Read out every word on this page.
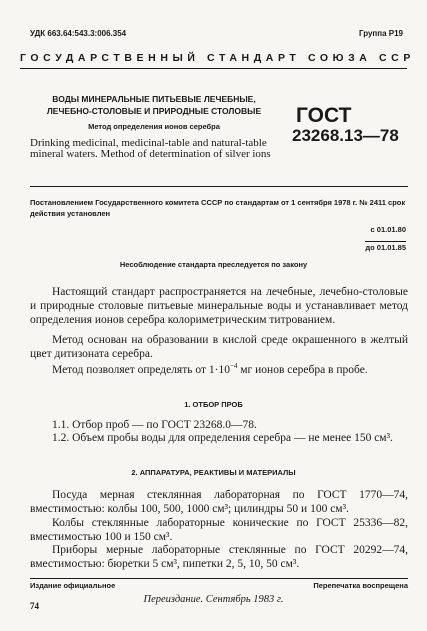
УДК 663.64:543.3:006.354	Группа Р19
ГОСУДАРСТВЕННЫЙ СТАНДАРТ СОЮЗА ССР
ВОДЫ МИНЕРАЛЬНЫЕ ПИТЬЕВЫЕ ЛЕЧЕБНЫЕ,
ЛЕЧЕБНО-СТОЛОВЫЕ И ПРИРОДНЫЕ СТОЛОВЫЕ
Метод определения ионов серебра
Drinking medicinal, medicinal-table and natural-table mineral waters. Method of determination of silver ions
ГОСТ
23268.13—78
Постановлением Государственного комитета СССР по стандартам от 1 сентября 1978 г. № 2411 срок действия установлен
с 01.01.80
до 01.01.85
Несоблюдение стандарта преследуется по закону
Настоящий стандарт распространяется на лечебные, лечебно-столовые и природные столовые питьевые минеральные воды и устанавливает метод определения ионов серебра колориметрическим титрованием.
Метод основан на образовании в кислой среде окрашенного в желтый цвет дитизоната серебра.
Метод позволяет определять от $1\cdot 10^{-4}$ мг ионов серебра в пробе.
1. ОТБОР ПРОБ
1.1. Отбор проб — по ГОСТ 23268.0—78.
1.2. Объем пробы воды для определения серебра — не менее 150 см³.
2. АППАРАТУРА, РЕАКТИВЫ И МАТЕРИАЛЫ
Посуда мерная стеклянная лабораторная по ГОСТ 1770—74, вместимостью: колбы 100, 500, 1000 см³; цилиндры 50 и 100 см³.
Колбы стеклянные лабораторные конические по ГОСТ 25336—82, вместимостью 100 и 150 см³.
Приборы мерные лабораторные стеклянные по ГОСТ 20292—74, вместимостью: бюретки 5 см³, пипетки 2, 5, 10, 50 см³.
Издание официальное	Перепечатка воспрещена
Переиздание. Сентябрь 1983 г.
74
